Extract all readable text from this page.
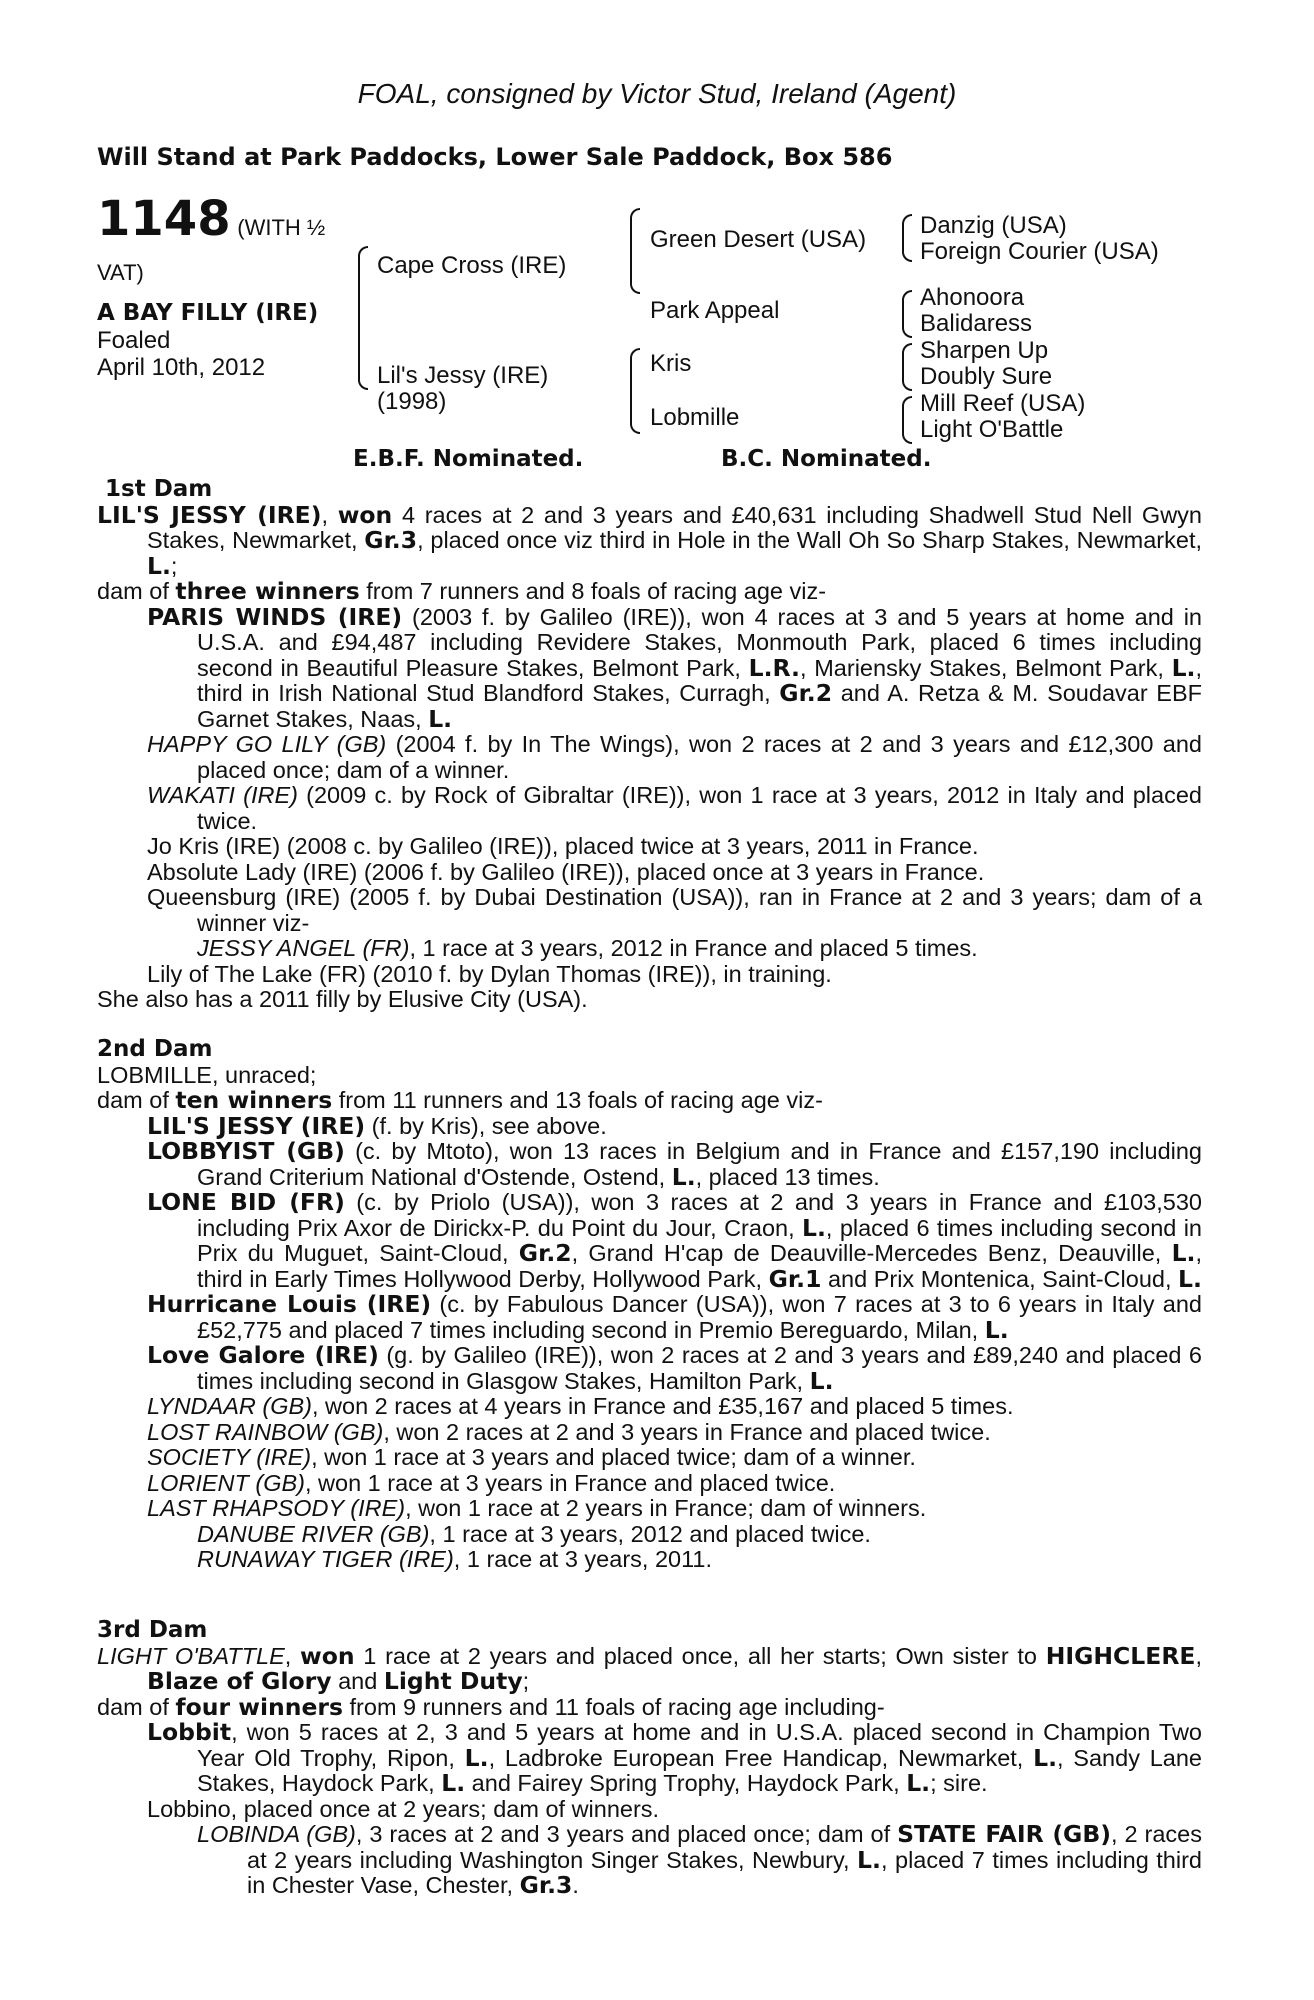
FOAL, consigned by Victor Stud, Ireland (Agent)
Will Stand at Park Paddocks, Lower Sale Paddock, Box 586
1148 (WITH ½
VAT)
A BAY FILLY (IRE)
Foaled
April 10th, 2012
Cape Cross (IRE)
Lil's Jessy (IRE)
(1998)
Green Desert (USA)
Park Appeal
Kris
Lobmille
Danzig (USA)
Foreign Courier (USA)
Ahonoora
Balidaress
Sharpen Up
Doubly Sure
Mill Reef (USA)
Light O'Battle
E.B.F. Nominated.	B.C. Nominated.

1st Dam

LIL'S JESSY (IRE), won 4 races at 2 and 3 years and £40,631 including Shadwell Stud Nell Gwyn Stakes, Newmarket, Gr.3, placed once viz third in Hole in the Wall Oh So Sharp Stakes, Newmarket, L.;

dam of three winners from 7 runners and 8 foals of racing age viz-

PARIS WINDS (IRE) (2003 f. by Galileo (IRE)), won 4 races at 3 and 5 years at home and in U.S.A. and £94,487 including Revidere Stakes, Monmouth Park, placed 6 times including second in Beautiful Pleasure Stakes, Belmont Park, L.R., Mariensky Stakes, Belmont Park, L., third in Irish National Stud Blandford Stakes, Curragh, Gr.2 and A. Retza & M. Soudavar EBF Garnet Stakes, Naas, L.

HAPPY GO LILY (GB) (2004 f. by In The Wings), won 2 races at 2 and 3 years and £12,300 and placed once; dam of a winner.

WAKATI (IRE) (2009 c. by Rock of Gibraltar (IRE)), won 1 race at 3 years, 2012 in Italy and placed twice.

Jo Kris (IRE) (2008 c. by Galileo (IRE)), placed twice at 3 years, 2011 in France.

Absolute Lady (IRE) (2006 f. by Galileo (IRE)), placed once at 3 years in France.

Queensburg (IRE) (2005 f. by Dubai Destination (USA)), ran in France at 2 and 3 years; dam of a winner viz-

JESSY ANGEL (FR), 1 race at 3 years, 2012 in France and placed 5 times.

Lily of The Lake (FR) (2010 f. by Dylan Thomas (IRE)), in training.

She also has a 2011 filly by Elusive City (USA).

2nd Dam

LOBMILLE, unraced;

dam of ten winners from 11 runners and 13 foals of racing age viz-

LIL'S JESSY (IRE) (f. by Kris), see above.

LOBBYIST (GB) (c. by Mtoto), won 13 races in Belgium and in France and £157,190 including Grand Criterium National d'Ostende, Ostend, L., placed 13 times.

LONE BID (FR) (c. by Priolo (USA)), won 3 races at 2 and 3 years in France and £103,530 including Prix Axor de Dirickx-P. du Point du Jour, Craon, L., placed 6 times including second in Prix du Muguet, Saint-Cloud, Gr.2, Grand H'cap de Deauville-Mercedes Benz, Deauville, L., third in Early Times Hollywood Derby, Hollywood Park, Gr.1 and Prix Montenica, Saint-Cloud, L.

Hurricane Louis (IRE) (c. by Fabulous Dancer (USA)), won 7 races at 3 to 6 years in Italy and £52,775 and placed 7 times including second in Premio Bereguardo, Milan, L.

Love Galore (IRE) (g. by Galileo (IRE)), won 2 races at 2 and 3 years and £89,240 and placed 6 times including second in Glasgow Stakes, Hamilton Park, L.

LYNDAAR (GB), won 2 races at 4 years in France and £35,167 and placed 5 times.

LOST RAINBOW (GB), won 2 races at 2 and 3 years in France and placed twice.

SOCIETY (IRE), won 1 race at 3 years and placed twice; dam of a winner.

LORIENT (GB), won 1 race at 3 years in France and placed twice.

LAST RHAPSODY (IRE), won 1 race at 2 years in France; dam of winners.

DANUBE RIVER (GB), 1 race at 3 years, 2012 and placed twice.

RUNAWAY TIGER (IRE), 1 race at 3 years, 2011.

3rd Dam

LIGHT O'BATTLE, won 1 race at 2 years and placed once, all her starts; Own sister to HIGHCLERE, Blaze of Glory and Light Duty;

dam of four winners from 9 runners and 11 foals of racing age including-

Lobbit, won 5 races at 2, 3 and 5 years at home and in U.S.A. placed second in Champion Two Year Old Trophy, Ripon, L., Ladbroke European Free Handicap, Newmarket, L., Sandy Lane Stakes, Haydock Park, L. and Fairey Spring Trophy, Haydock Park, L.; sire.

Lobbino, placed once at 2 years; dam of winners.

LOBINDA (GB), 3 races at 2 and 3 years and placed once; dam of STATE FAIR (GB), 2 races at 2 years including Washington Singer Stakes, Newbury, L., placed 7 times including third in Chester Vase, Chester, Gr.3.
